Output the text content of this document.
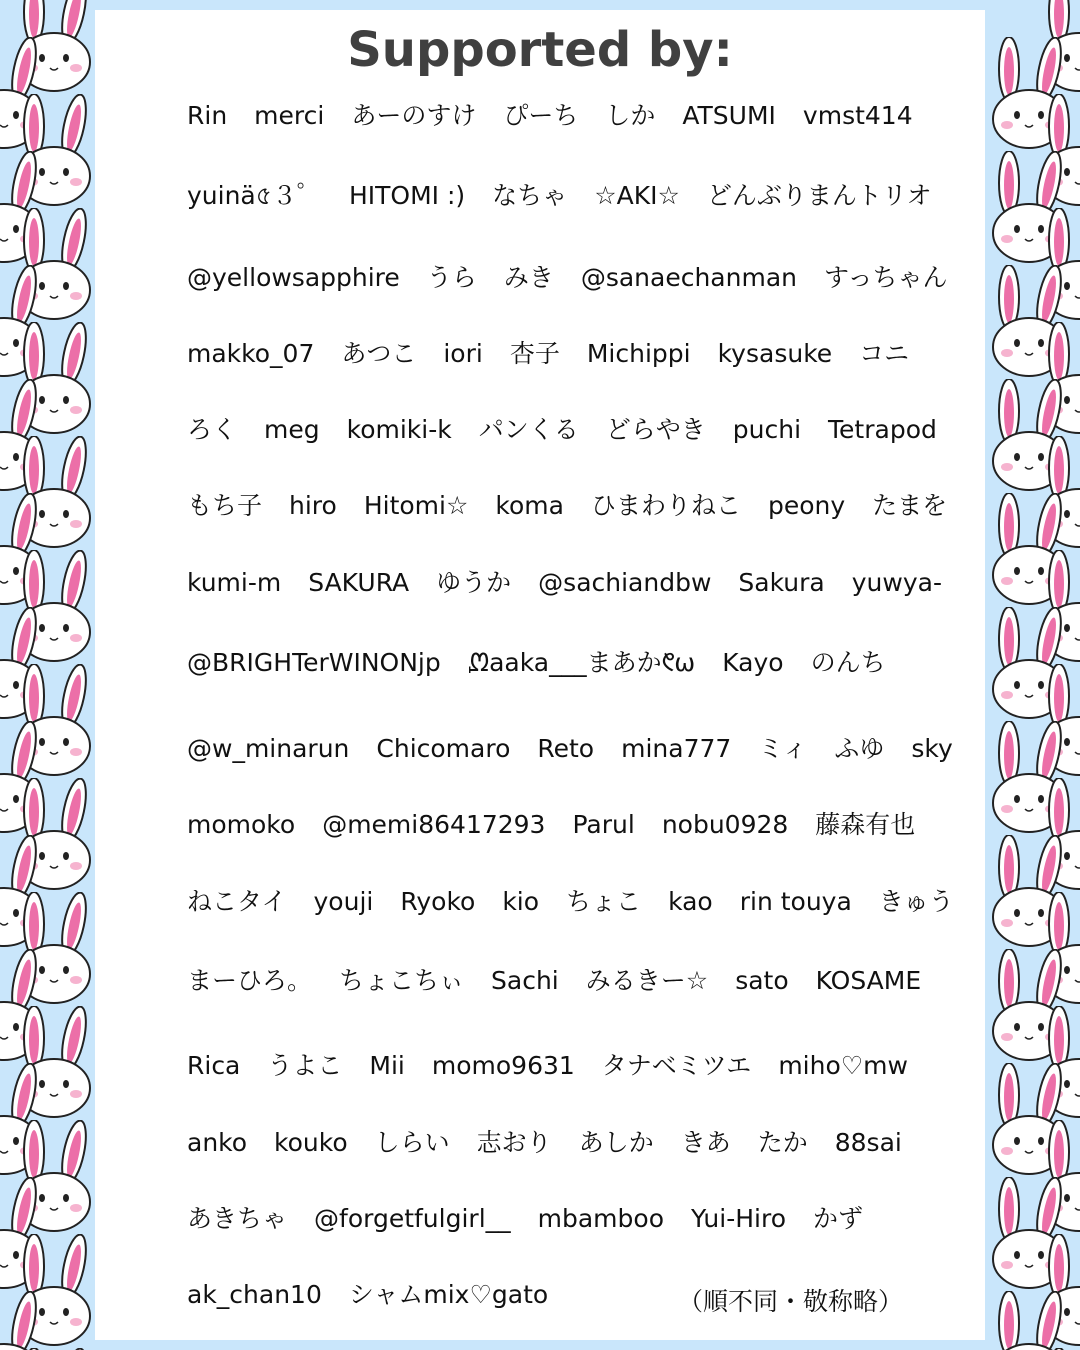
Supported by:
Rin merci あーのすけ ぴーち しか ATSUMI vmst414
yuinä৫３゜ HITOMI :) なちゃ ☆AKI☆ どんぶりまんトリオ
@yellowsapphire うら みき @sanaechanman すっちゃん
makko_07 あつこ iori 杏子 Michippi kysasuke コニ
ろく meg komiki-k パンくる どらやき puchi Tetrapod
もち子 hiro Hitomi☆ koma ひまわりねこ peony たまを
kumi-m SAKURA ゆうか @sachiandbw Sakura yuwya-
@BRIGHTerWINONjp ᘻaaka___まあか᱖ω Kayo のんち
@w_minarun Chicomaro Reto mina777 ミィ ふゆ sky
momoko @memi86417293 Parul nobu0928 藤森有也
ねこタイ youji Ryoko kio ちょこ kao rin touya きゅう
まーひろ。 ちょこちぃ Sachi みるきー☆ sato KOSAME
Rica うよこ Mii momo9631 タナベミツエ miho♡mw
anko kouko しらい 志おり あしか きあ たか 88sai
あきちゃ @forgetfulgirl__ mbamboo Yui-Hiro かず
ak_chan10 シャムmix♡gato	（順不同・敬称略）
